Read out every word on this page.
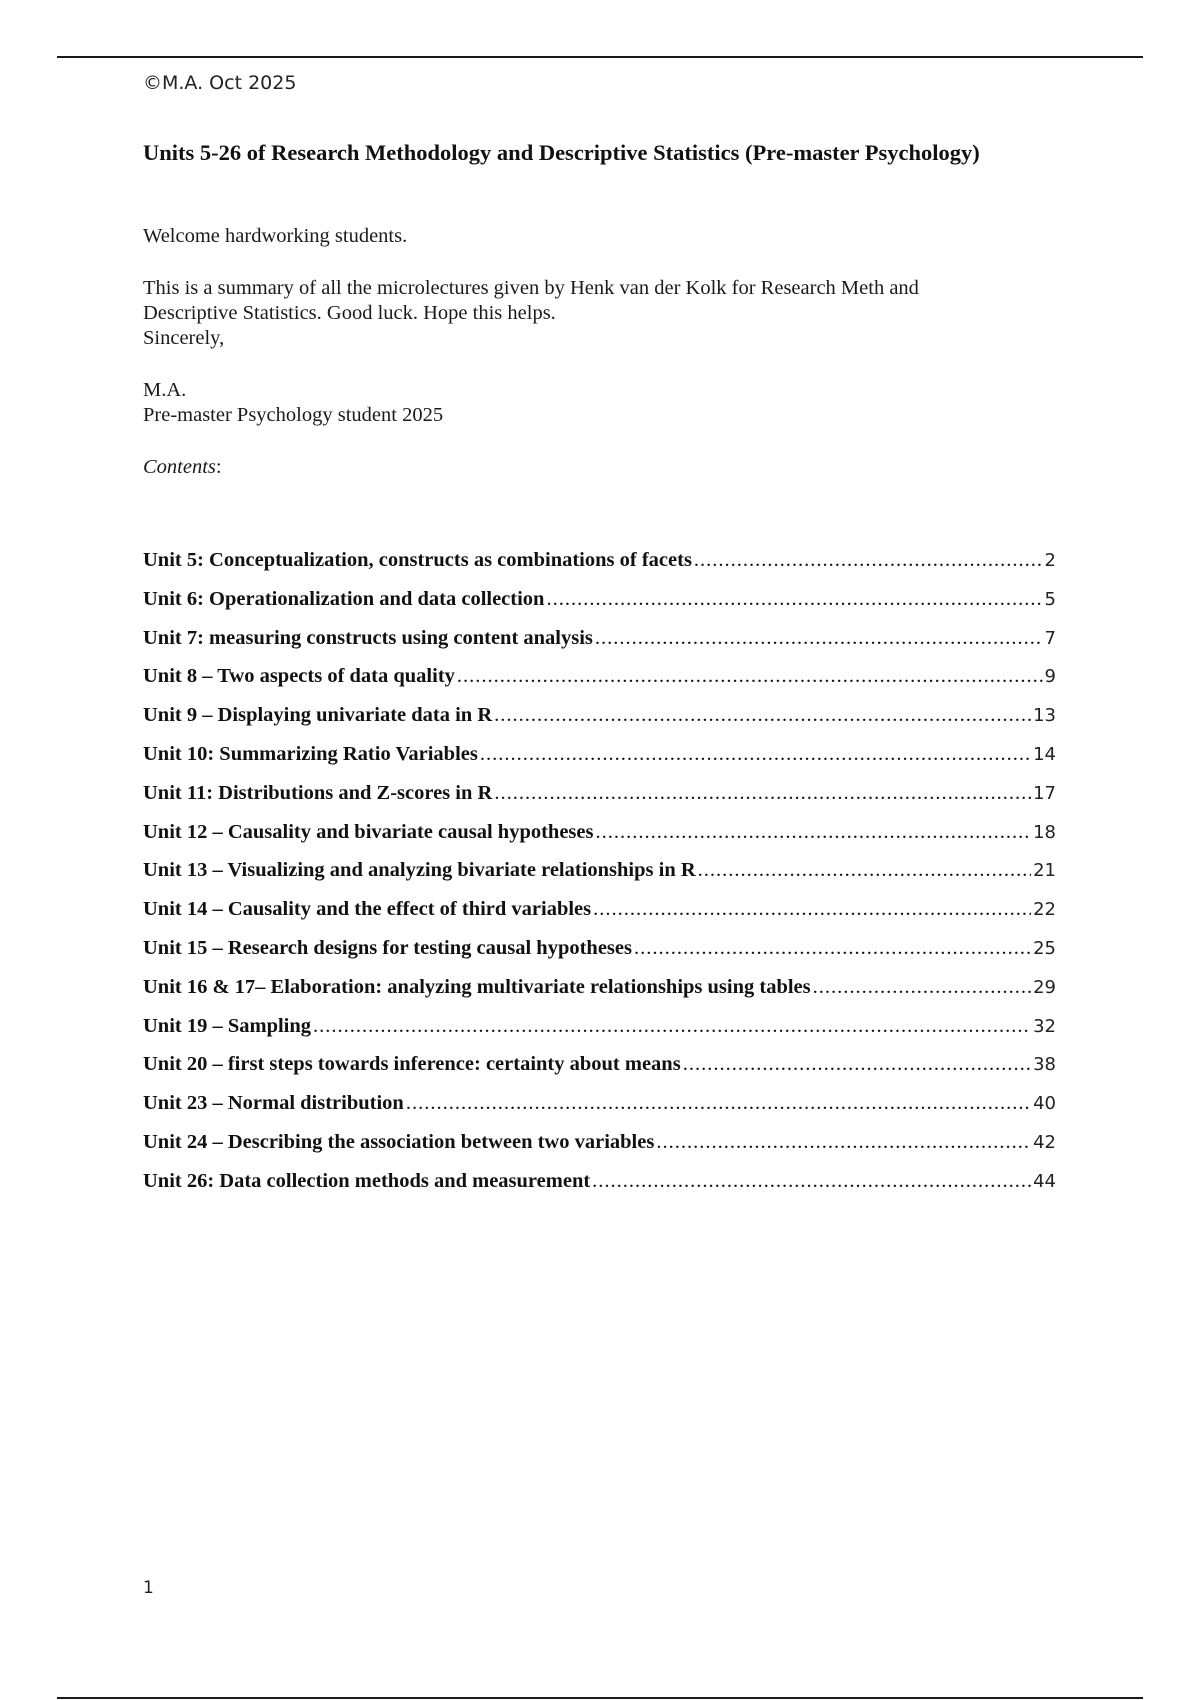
©M.A. Oct 2025
Units 5-26 of Research Methodology and Descriptive Statistics (Pre-master Psychology)

Welcome hardworking students.

This is a summary of all the microlectures given by Henk van der Kolk for Research Meth and
Descriptive Statistics. Good luck. Hope this helps.
Sincerely,

M.A.
Pre-master Psychology student 2025

Contents:

Unit 5: Conceptualization, constructs as combinations of facets .....	2
Unit 6: Operationalization and data collection .....	5
Unit 7: measuring constructs using content analysis .....	7
Unit 8 – Two aspects of data quality .....	9
Unit 9 – Displaying univariate data in R .....	13
Unit 10: Summarizing Ratio Variables .....	14
Unit 11: Distributions and Z-scores in R .....	17
Unit 12 – Causality and bivariate causal hypotheses .....	18
Unit 13 – Visualizing and analyzing bivariate relationships in R .....	21
Unit 14 – Causality and the effect of third variables .....	22
Unit 15 – Research designs for testing causal hypotheses .....	25
Unit 16 & 17– Elaboration: analyzing multivariate relationships using tables .....	29
Unit 19 – Sampling .....	32
Unit 20 – first steps towards inference: certainty about means .....	38
Unit 23 – Normal distribution .....	40
Unit 24 – Describing the association between two variables .....	42
Unit 26: Data collection methods and measurement .....	44
1
